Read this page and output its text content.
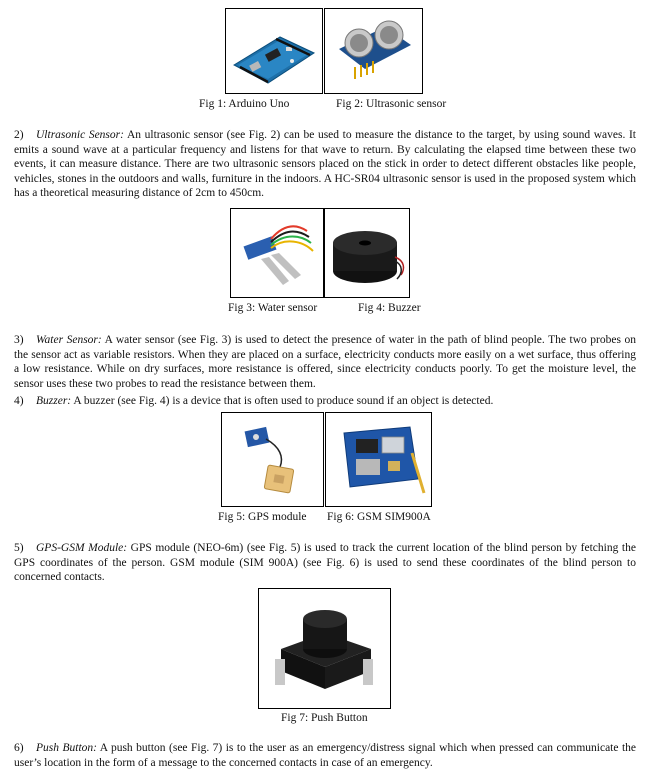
Fig 1: Arduino Uno	Fig 2: Ultrasonic sensor

2) Ultrasonic Sensor: An ultrasonic sensor (see Fig. 2) can be used to measure the distance to the target, by using sound waves. It emits a sound wave at a particular frequency and listens for that wave to return. By calculating the elapsed time between these two events, it can measure distance. There are two ultrasonic sensors placed on the stick in order to detect different obstacles like people, vehicles, stones in the outdoors and walls, furniture in the indoors. A HC-SR04 ultrasonic sensor is used in the proposed system which has a theoretical measuring distance of 2cm to 450cm.

Fig 3: Water sensor	Fig 4: Buzzer

3) Water Sensor: A water sensor (see Fig. 3) is used to detect the presence of water in the path of blind people. The two probes on the sensor act as variable resistors. When they are placed on a surface, electricity conducts more easily on a wet surface, thus offering a low resistance. While on dry surfaces, more resistance is offered, since electricity conducts poorly. To get the moisture level, the sensor uses these two probes to read the resistance between them.

4) Buzzer: A buzzer (see Fig. 4) is a device that is often used to produce sound if an object is detected.

Fig 5: GPS module Fig 6: GSM SIM900A

5) GPS-GSM Module: GPS module (NEO-6m) (see Fig. 5) is used to track the current location of the blind person by fetching the GPS coordinates of the person. GSM module (SIM 900A) (see Fig. 6) is used to send these coordinates of the blind person to concerned contacts.

Fig 7: Push Button

6) Push Button: A push button (see Fig. 7) is to the user as an emergency/distress signal which when pressed can communicate the user’s location in the form of a message to the concerned contacts in case of an emergency.
